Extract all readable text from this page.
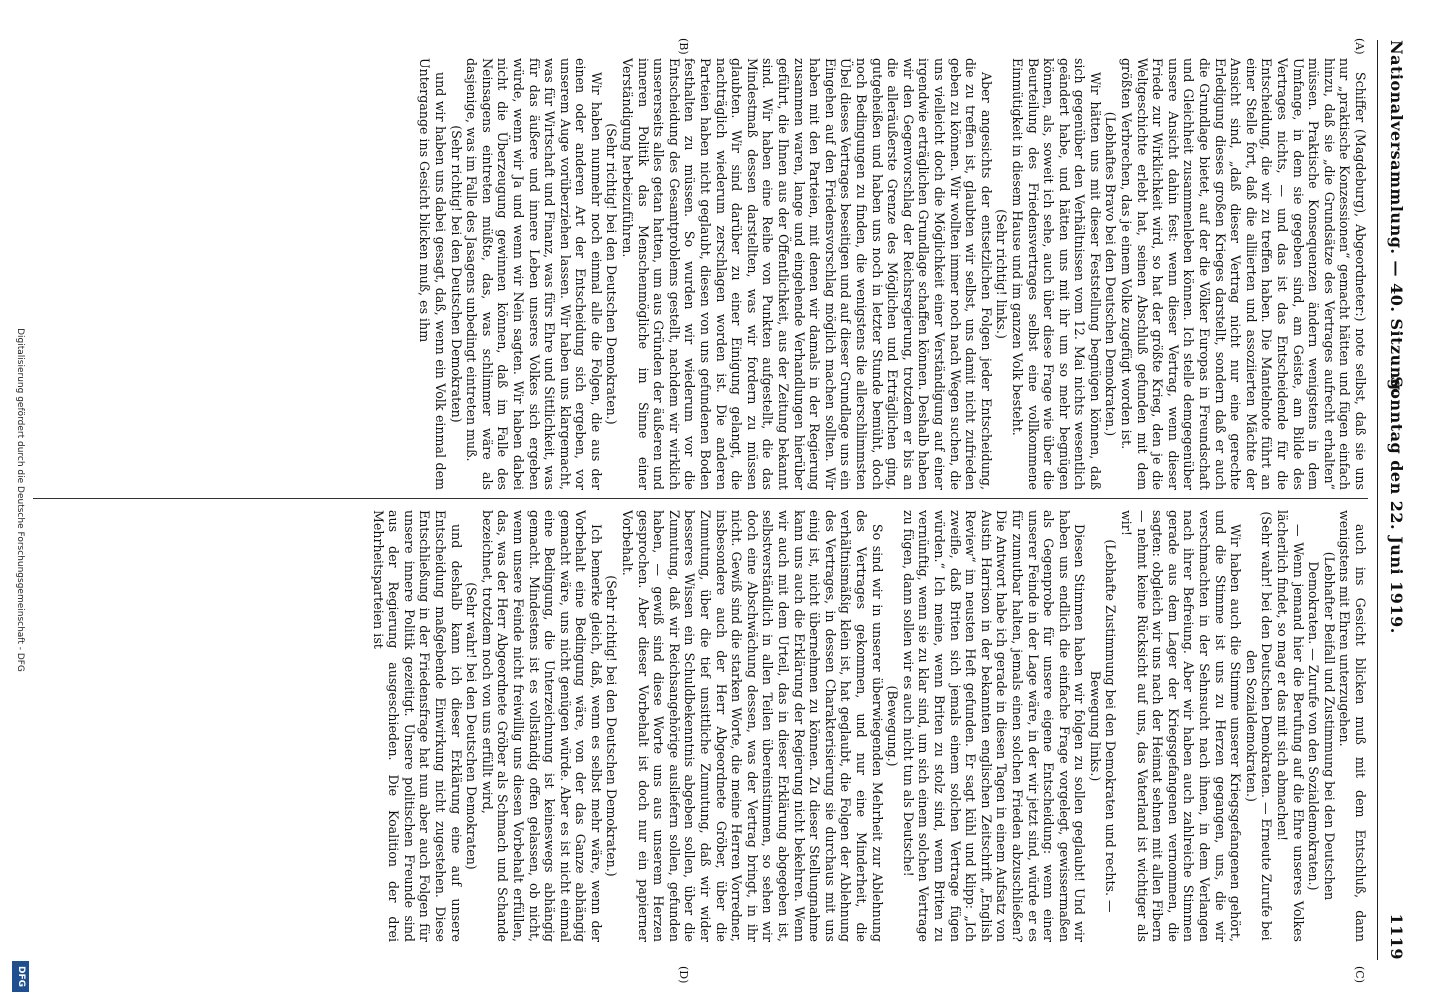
Nationalversammlung. — 40. Sitzung.
Sonntag den 22. Juni 1919.
1119
(A)
(B)
(C)
(D)

Schiffer (Magdeburg), Abgeordneter:) note selbst, daß sie uns nur „praktische Konzessionen“ gemacht hätten und fügen einfach hinzu, daß sie „die Grundsätze des Vertrages aufrecht erhalten“ müssen. Praktische Konsequenzen ändern wenigstens in dem Umfange, in dem sie gegeben sind, am Geiste, am Bilde des Vertrages nichts, — und das ist das Entscheidende für die Entscheidung, die wir zu treffen haben. Die Mantelnote führt an einer Stelle fort, daß die alliierten und assoziierten Mächte der Ansicht sind, „daß dieser Vertrag nicht nur eine gerechte Erledigung dieses großen Krieges darstellt, sondern daß er auch die Grundlage bietet, auf der die Völker Europas in Freundschaft und Gleichheit zusammenleben können. Ich stelle demgegenüber unsere Ansicht dahin fest: wenn dieser Vertrag, wenn dieser Friede zur Wirklichkeit wird, so hat der größte Krieg, den je die Weltgeschichte erlebt hat, seinen Abschluß gefunden mit dem größten Verbrechen, das je einem Volke zugefügt worden ist.

(Lebhaftes Bravo bei den Deutschen Demokraten.)

Wir hätten uns mit dieser Feststellung begnügen können, daß sich gegenüber den Verhältnissen vom 12. Mai nichts wesentlich geändert habe, und hätten uns mit ihr um so mehr begnügen können, als, soweit ich sehe, auch über diese Frage wie über die Beurteilung des Friedensvertrages selbst eine vollkommene Einmütigkeit in diesem Hause und im ganzen Volk besteht.

(Sehr richtig! links.)

Aber angesichts der entsetzlichen Folgen jeder Entscheidung, die zu treffen ist, glaubten wir selbst, uns damit nicht zufrieden geben zu können. Wir wollten immer noch nach Wegen suchen, die uns vielleicht doch die Möglichkeit einer Verständigung auf einer irgendwie erträglichen Grundlage schaffen können. Deshalb haben wir den Gegenvorschlag der Reichsregierung, trotzdem er bis an die alleräußerste Grenze des Möglichen und Erträglichen ging, gutgeheißen und haben uns noch in letzter Stunde bemüht, doch noch Bedingungen zu finden, die wenigstens die allerschlimmsten Übel dieses Vertrages beseitigen und auf dieser Grundlage uns ein Eingehen auf den Friedensvorschlag möglich machen sollten. Wir haben mit den Parteien, mit denen wir damals in der Regierung zusammen waren, lange und eingehende Verhandlungen hierüber geführt, die Ihnen aus der Öffentlichkeit, aus der Zeitung bekannt sind. Wir haben eine Reihe von Punkten aufgestellt, die das Mindestmaß dessen darstellten, was wir fordern zu müssen glaubten. Wir sind darüber zu einer Einigung gelangt, die nachträglich wiederum zerschlagen worden ist. Die anderen Parteien haben nicht geglaubt, diesen von uns gefundenen Boden festhalten zu müssen. So wurden wir wiederum vor die Entscheidung des Gesamtproblems gestellt, nachdem wir wirklich unsererseits alles getan hatten, um aus Gründen der äußeren und inneren Politik das Menschenmögliche im Sinne einer Verständigung herbeizuführen.

(Sehr richtig! bei den Deutschen Demokraten.)

Wir haben nunmehr noch einmal alle die Folgen, die aus der einen oder anderen Art der Entscheidung sich ergeben, vor unserem Auge vorüberziehen lassen. Wir haben uns klargemacht, was für Wirtschaft und Finanz, was fürs Ehre und Sittlichkeit, was für das äußere und innere Leben unseres Volkes sich ergeben würde, wenn wir Ja und wenn wir Nein sagten. Wir haben dabei nicht die Überzeugung gewinnen können, daß im Falle des Neinsagens eintreten müßte, das, was schlimmer wäre als dasjenige, was im Falle des Jasagens unbedingt eintreten muß.

(Sehr richtig! bei den Deutschen Demokraten)

und wir haben uns dabei gesagt, daß, wenn ein Volk einmal dem Untergange ins Gesicht blicken muß, es ihm

auch ins Gesicht blicken muß mit dem Entschluß, dann wenigstens mit Ehren unterzugehen.

(Lebhafter Beifall und Zustimmung bei den Deutschen Demokraten. — Zurufe von den Sozialdemokraten.)

— Wenn jemand hier die Berufung auf die Ehre unseres Volkes lächerlich findet, so mag er das mit sich abmachen!

(Sehr wahr! bei den Deutschen Demokraten. — Erneute Zurufe bei den Sozialdemokraten.)

Wir haben auch die Stimme unserer Kriegsgefangenen gehört, und die Stimme ist uns zu Herzen gegangen, uns, die wir verschmachten in der Sehnsucht nach ihnen, in dem Verlangen nach ihrer Befreiung. Aber wir haben auch zahlreiche Stimmen gerade aus dem Lager der Kriegsgefangenen vernommen, die sagten: obgleich wir uns nach der Heimat sehnen mit allen Fibern — nehmt keine Rücksicht auf uns, das Vaterland ist wichtiger als wir!

(Lebhafte Zustimmung bei den Demokraten und rechts. — Bewegung links.)

Diesen Stimmen haben wir folgen zu sollen geglaubt! Und wir haben uns endlich die einfache Frage vorgelegt, gewissermaßen als Gegenprobe für unsere eigene Entscheidung: wenn einer unserer Feinde in der Lage wäre, in der wir jetzt sind, würde er es für zumutbar halten, jemals einen solchen Frieden abzuschließen? Die Antwort habe ich gerade in diesen Tagen in einem Aufsatz von Austin Harrison in der bekannten englischen Zeitschrift „English Review“ im neusten Heft gefunden. Er sagt kühl und klipp: „Ich zweifle, daß Briten sich jemals einem solchen Vertrage fügen würden.“ Ich meine, wenn Briten zu stolz sind, wenn Briten zu vernünftig, wenn sie zu klar sind, um sich einem solchen Vertrage zu fügen, dann sollen wir es auch nicht tun als Deutsche!

(Bewegung.)

So sind wir in unserer überwiegenden Mehrheit zur Ablehnung des Vertrages gekommen, und nur eine Minderheit, die verhältnismäßig klein ist, hat geglaubt, die Folgen der Ablehnung des Vertrages, in dessen Charakterisierung sie durchaus mit uns einig ist, nicht übernehmen zu können. Zu dieser Stellungnahme kann uns auch die Erklärung der Regierung nicht bekehren. Wenn wir auch mit dem Urteil, das in dieser Erklärung abgegeben ist, selbstverständlich in allen Teilen übereinstimmen, so sehen wir doch eine Abschwächung dessen, was der Vertrag bringt, in ihr nicht. Gewiß sind die starken Worte, die meine Herren Vorredner, insbesondere auch der Herr Abgeordnete Gröber, über die Zumutung, über die tief unsittliche Zumutung, daß wir wider besseres Wissen ein Schuldbekenntnis abgeben sollen, über die Zumutung, daß wir Reichsangehörige ausliefern sollen, gefunden haben, — gewiß sind diese Worte uns aus unserem Herzen gesprochen. Aber dieser Vorbehalt ist doch nur ein papierner Vorbehalt.

(Sehr richtig! bei den Deutschen Demokraten.)

Ich bemerke gleich, daß, wenn es selbst mehr wäre, wenn der Vorbehalt eine Bedingung wäre, von der das Ganze abhängig gemacht wäre, uns nicht genügen würde. Aber es ist nicht einmal eine Bedingung, die Unterzeichnung ist keineswegs abhängig gemacht. Mindestens ist es vollständig offen gelassen, ob nicht, wenn unsere Feinde nicht freiwillig uns diesen Vorbehalt erfüllen, das, was der Herr Abgeordnete Gröber als Schmach und Schande bezeichnet, trotzdem noch von uns erfüllt wird,

(Sehr wahr! bei den Deutschen Demokraten)

und deshalb kann ich dieser Erklärung eine auf unsere Entscheidung maßgebende Einwirkung nicht zugestehen. Diese Entschließung in der Friedensfrage hat nun aber auch Folgen für unsere innere Politik gezeitigt. Unsere politischen Freunde sind aus der Regierung ausgeschieden. Die Koalition der drei Mehrheitsparteien ist

Digitalisierung gefördert durch die Deutsche Forschungsgemeinschaft - DFG
DFG
